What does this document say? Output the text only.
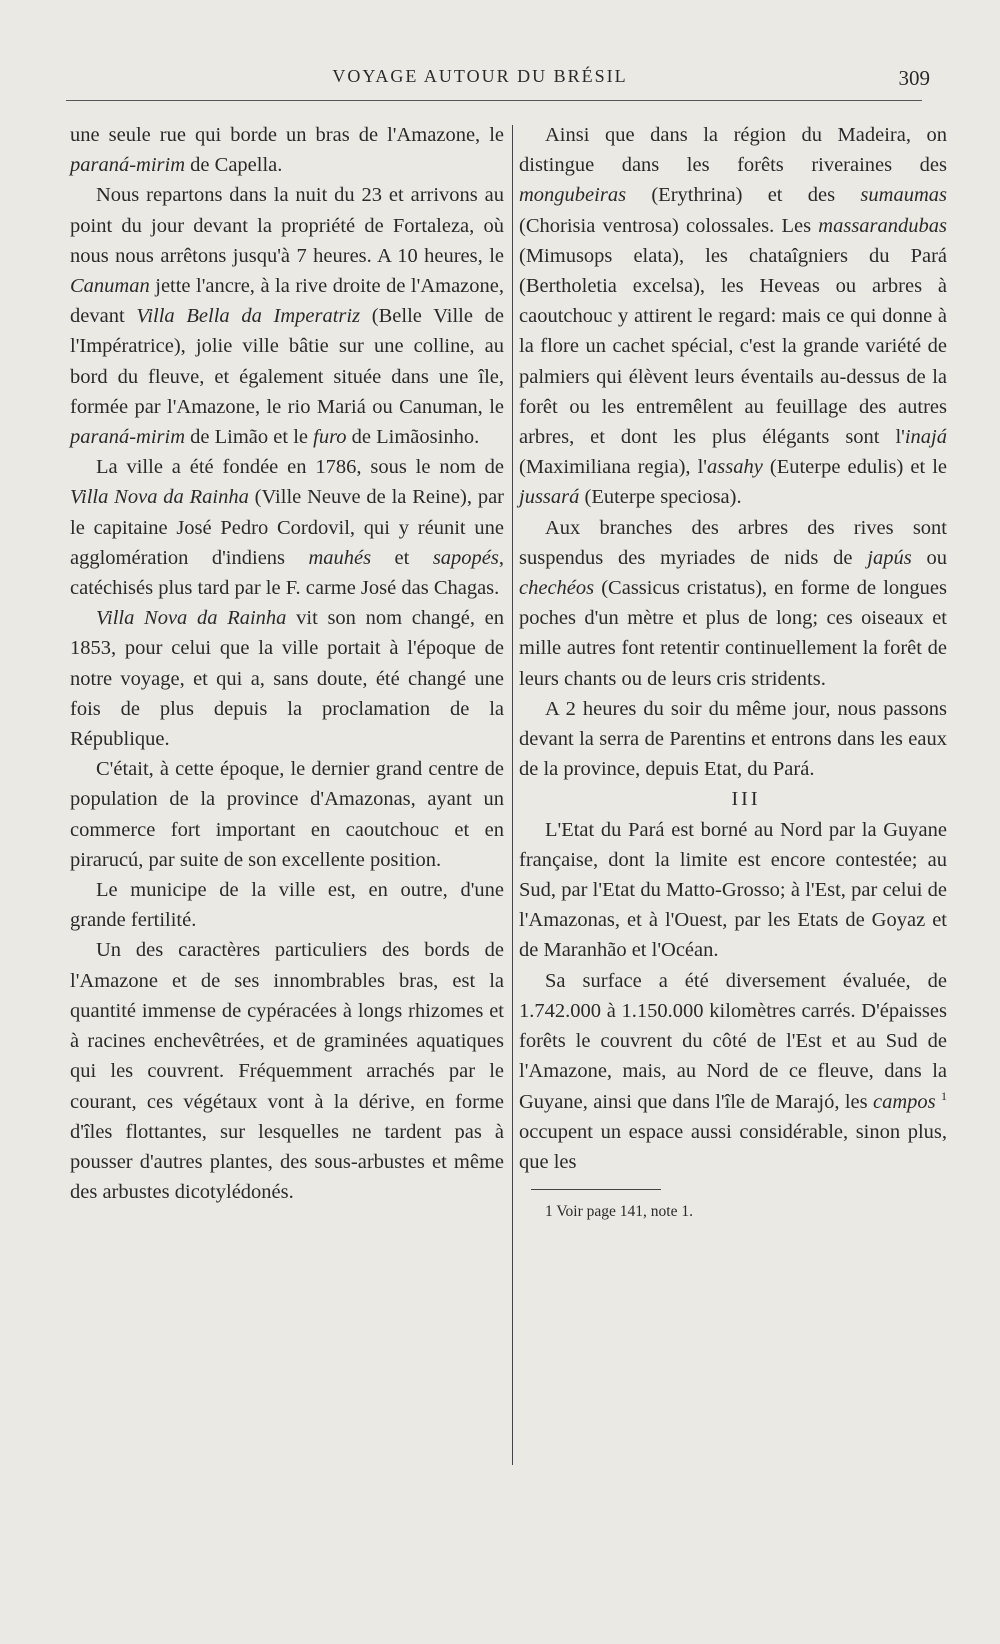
VOYAGE AUTOUR DU BRÉSIL	309

une seule rue qui borde un bras de l'Amazone, le paraná-mirim de Capella.

Nous repartons dans la nuit du 23 et arrivons au point du jour devant la propriété de Fortaleza, où nous nous arrêtons jusqu'à 7 heures. A 10 heures, le Canuman jette l'ancre, à la rive droite de l'Amazone, devant Villa Bella da Imperatriz (Belle Ville de l'Impératrice), jolie ville bâtie sur une colline, au bord du fleuve, et également située dans une île, formée par l'Amazone, le rio Mariá ou Canuman, le paraná-mirim de Limão et le furo de Limãosinho.

La ville a été fondée en 1786, sous le nom de Villa Nova da Rainha (Ville Neuve de la Reine), par le capitaine José Pedro Cordovil, qui y réunit une agglomération d'indiens mauhés et sapopés, catéchisés plus tard par le F. carme José das Chagas.

Villa Nova da Rainha vit son nom changé, en 1853, pour celui que la ville portait à l'époque de notre voyage, et qui a, sans doute, été changé une fois de plus depuis la proclamation de la République.

C'était, à cette époque, le dernier grand centre de population de la province d'Amazonas, ayant un commerce fort important en caoutchouc et en pirarucú, par suite de son excellente position.

Le municipe de la ville est, en outre, d'une grande fertilité.

Un des caractères particuliers des bords de l'Amazone et de ses innombrables bras, est la quantité immense de cypéracées à longs rhizomes et à racines enchevêtrées, et de graminées aquatiques qui les couvrent. Fréquemment arrachés par le courant, ces végétaux vont à la dérive, en forme d'îles flottantes, sur lesquelles ne tardent pas à pousser d'autres plantes, des sous-arbustes et même des arbustes dicotylédonés.

Ainsi que dans la région du Madeira, on distingue dans les forêts riveraines des mongubeiras (Erythrina) et des sumaumas (Chorisia ventrosa) colossales. Les massarandubas (Mimusops elata), les chataîgniers du Pará (Bertholetia excelsa), les Heveas ou arbres à caoutchouc y attirent le regard: mais ce qui donne à la flore un cachet spécial, c'est la grande variété de palmiers qui élèvent leurs éventails au-dessus de la forêt ou les entremêlent au feuillage des autres arbres, et dont les plus élégants sont l'inajá (Maximiliana regia), l'assahy (Euterpe edulis) et le jussará (Euterpe speciosa).

Aux branches des arbres des rives sont suspendus des myriades de nids de japús ou chechéos (Cassicus cristatus), en forme de longues poches d'un mètre et plus de long; ces oiseaux et mille autres font retentir continuellement la forêt de leurs chants ou de leurs cris stridents.

A 2 heures du soir du même jour, nous passons devant la serra de Parentins et entrons dans les eaux de la province, depuis Etat, du Pará.

III

L'Etat du Pará est borné au Nord par la Guyane française, dont la limite est encore contestée; au Sud, par l'Etat du Matto-Grosso; à l'Est, par celui de l'Amazonas, et à l'Ouest, par les Etats de Goyaz et de Maranhão et l'Océan.

Sa surface a été diversement évaluée, de 1.742.000 à 1.150.000 kilomètres carrés. D'épaisses forêts le couvrent du côté de l'Est et au Sud de l'Amazone, mais, au Nord de ce fleuve, dans la Guyane, ainsi que dans l'île de Marajó, les campos $^1$ occupent un espace aussi considérable, sinon plus, que les

1 Voir page 141, note 1.
